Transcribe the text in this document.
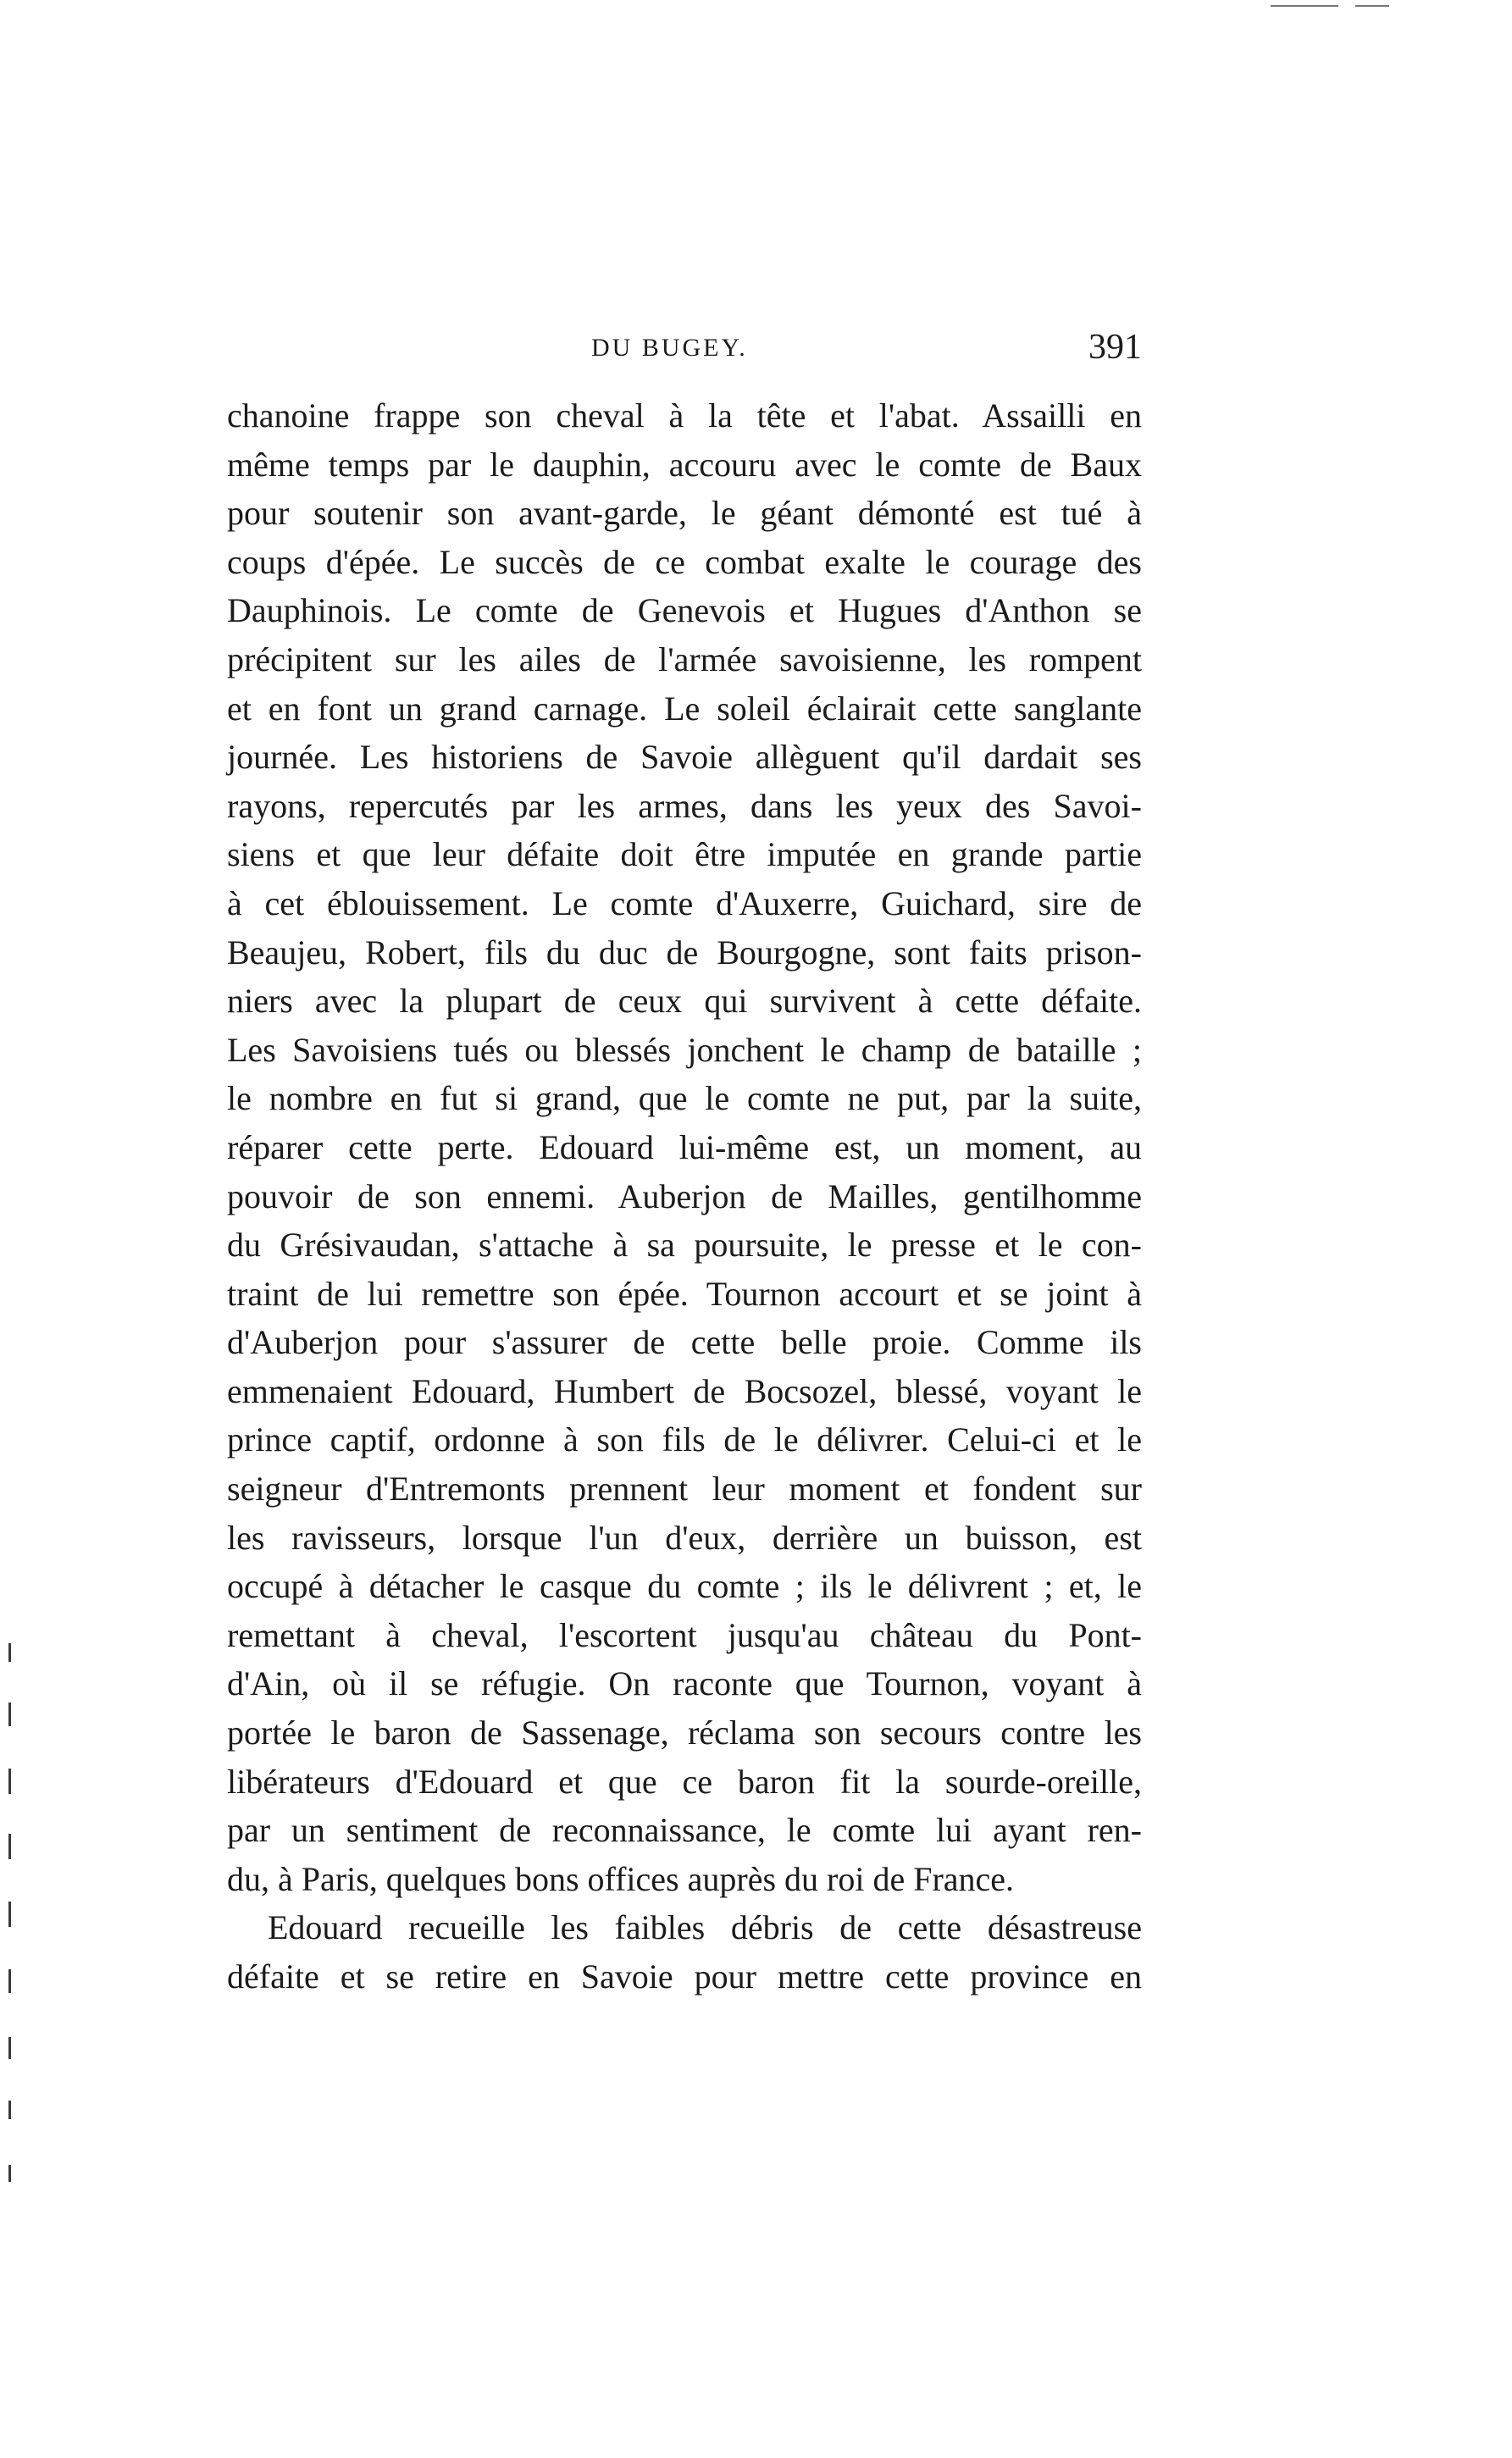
DU BUGEY.	391
chanoine frappe son cheval à la tête et l'abat. Assailli en
même temps par le dauphin, accouru avec le comte de Baux
pour soutenir son avant-garde, le géant démonté est tué à
coups d'épée. Le succès de ce combat exalte le courage des
Dauphinois. Le comte de Genevois et Hugues d'Anthon se
précipitent sur les ailes de l'armée savoisienne, les rompent
et en font un grand carnage. Le soleil éclairait cette sanglante
journée. Les historiens de Savoie allèguent qu'il dardait ses
rayons, repercutés par les armes, dans les yeux des Savoi-
siens et que leur défaite doit être imputée en grande partie
à cet éblouissement. Le comte d'Auxerre, Guichard, sire de
Beaujeu, Robert, fils du duc de Bourgogne, sont faits prison-
niers avec la plupart de ceux qui survivent à cette défaite.
Les Savoisiens tués ou blessés jonchent le champ de bataille ;
le nombre en fut si grand, que le comte ne put, par la suite,
réparer cette perte. Edouard lui-même est, un moment, au
pouvoir de son ennemi. Auberjon de Mailles, gentilhomme
du Grésivaudan, s'attache à sa poursuite, le presse et le con-
traint de lui remettre son épée. Tournon accourt et se joint à
d'Auberjon pour s'assurer de cette belle proie. Comme ils
emmenaient Edouard, Humbert de Bocsozel, blessé, voyant le
prince captif, ordonne à son fils de le délivrer. Celui-ci et le
seigneur d'Entremonts prennent leur moment et fondent sur
les ravisseurs, lorsque l'un d'eux, derrière un buisson, est
occupé à détacher le casque du comte ; ils le délivrent ; et, le
remettant à cheval, l'escortent jusqu'au château du Pont-
d'Ain, où il se réfugie. On raconte que Tournon, voyant à
portée le baron de Sassenage, réclama son secours contre les
libérateurs d'Edouard et que ce baron fit la sourde-oreille,
par un sentiment de reconnaissance, le comte lui ayant ren-
du, à Paris, quelques bons offices auprès du roi de France.
Edouard recueille les faibles débris de cette désastreuse
défaite et se retire en Savoie pour mettre cette province en
